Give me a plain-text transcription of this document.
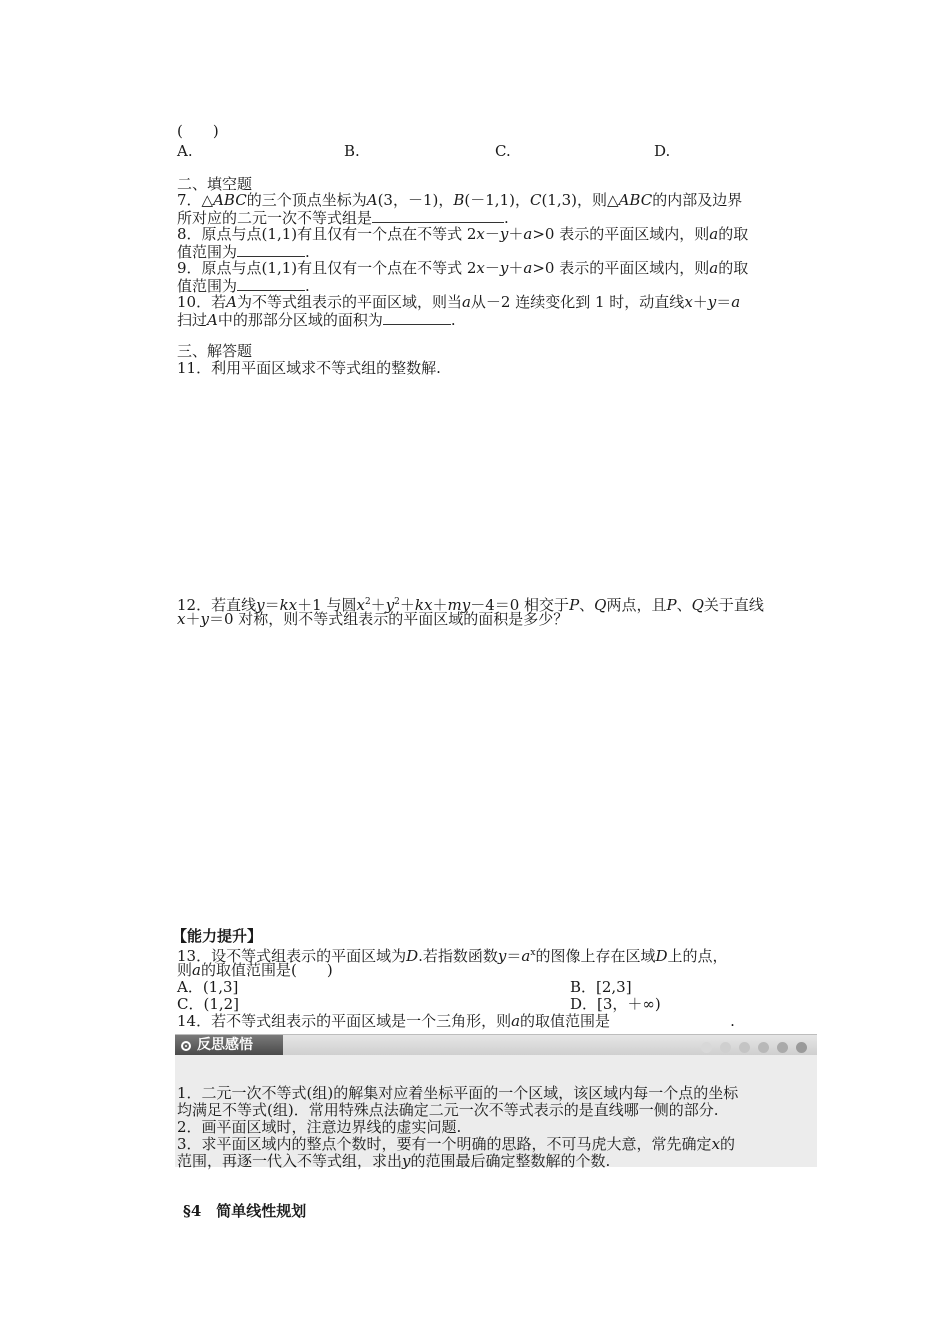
(　　)
A.	B.	C.	D.
二、填空题
7．△ABC的三个顶点坐标为A(3，－1)，B(－1,1)，C(1,3)，则△ABC的内部及边界
所对应的二元一次不等式组是	.
8．原点与点(1,1)有且仅有一个点在不等式 2x－y＋a>0 表示的平面区域内，则a的取
值范围为	.
9．原点与点(1,1)有且仅有一个点在不等式 2x－y＋a>0 表示的平面区域内，则a的取
值范围为	.
10．若A为不等式组表示的平面区域，则当a从－2 连续变化到 1 时，动直线x＋y＝a
扫过A中的那部分区域的面积为	.
三、解答题
11．利用平面区域求不等式组的整数解.
12．若直线y＝kx＋1 与圆$x^2+y^2+kx+my-4=0$ 相交于P、Q两点，且P、Q关于直线
x＋y＝0 对称，则不等式组表示的平面区域的面积是多少？
【能力提升】
13．设不等式组表示的平面区域为D.若指数函数$y=a^x$的图像上存在区域D上的点，
则a的取值范围是(　　)
A．(1,3]	B．[2,3]
C．(1,2]	D．[3，＋∞)
14．若不等式组表示的平面区域是一个三角形，则a的取值范围是	.
反思感悟
1．二元一次不等式(组)的解集对应着坐标平面的一个区域，该区域内每一个点的坐标
均满足不等式(组)．常用特殊点法确定二元一次不等式表示的是直线哪一侧的部分.
2．画平面区域时，注意边界线的虚实问题.
3．求平面区域内的整点个数时，要有一个明确的思路，不可马虎大意，常先确定x的
范围，再逐一代入不等式组，求出y的范围最后确定整数解的个数.
§4　简单线性规划
